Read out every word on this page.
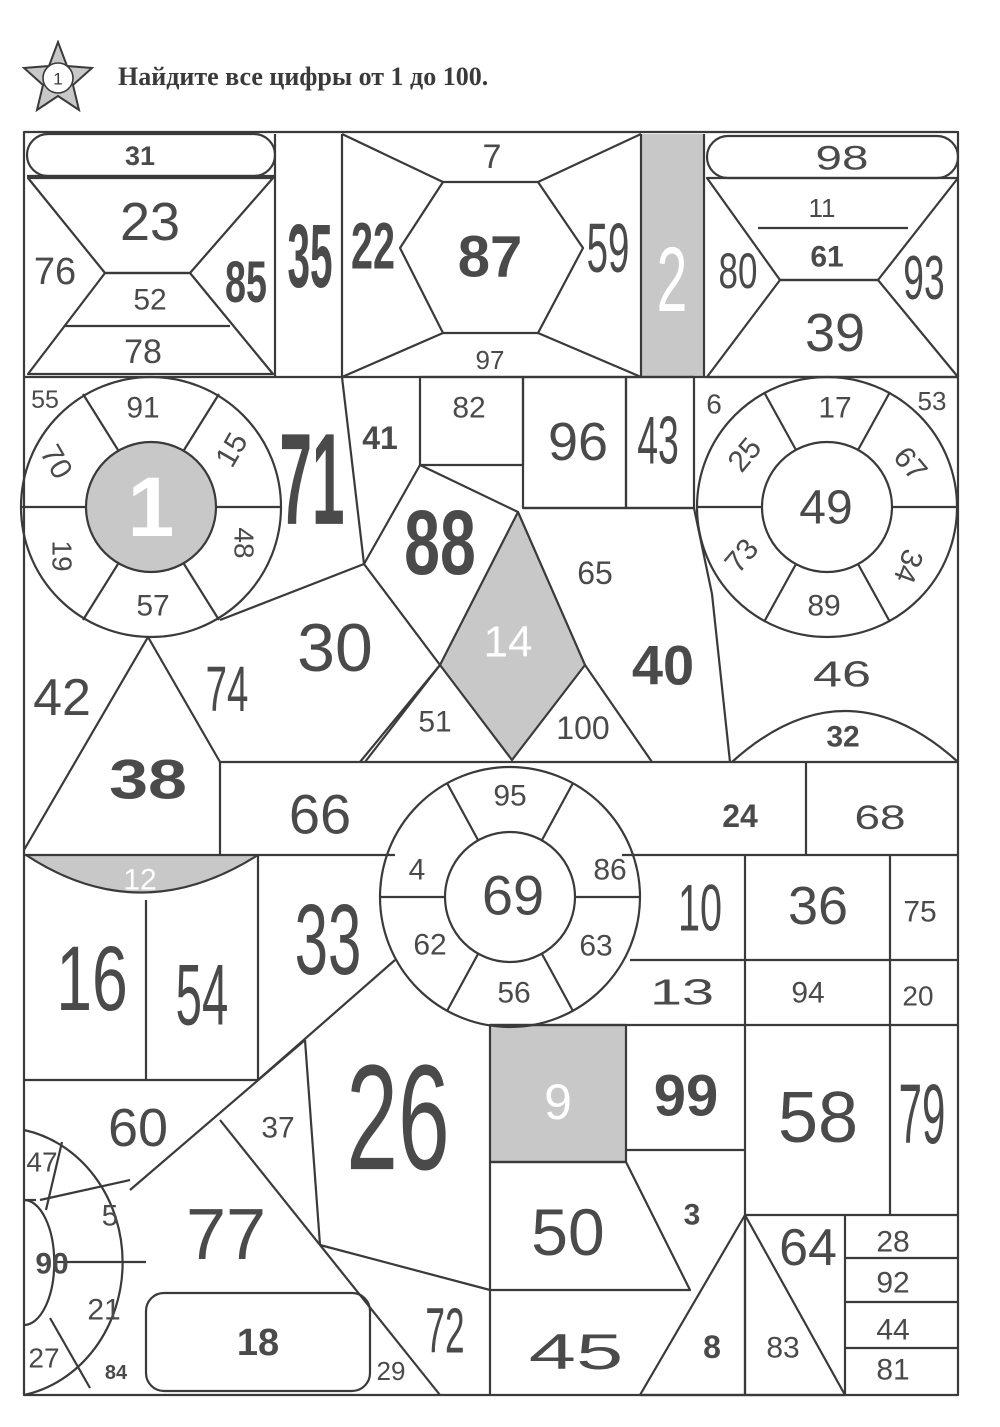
1 Найдите все цифры от 1 до 100.
31
23
76	85
52
78
35 22
7
87 59
97
2
98
11
61
80 93
39
55 91
70	15
1
19	48
57
71 41
82
88
96 43
30	14
65
40
51	100
6	17	53
25	67
49
73	34
89
46
32
42 74
38
66	24	68
12
16 54 33
95
4 69 86
62	63
56
10 36 75
13	94	20
9 99 58 79
60	37 26
50	3
64 28
92
44
81
83
8
45
72
29
77
18
47
5
90
21
27 84
